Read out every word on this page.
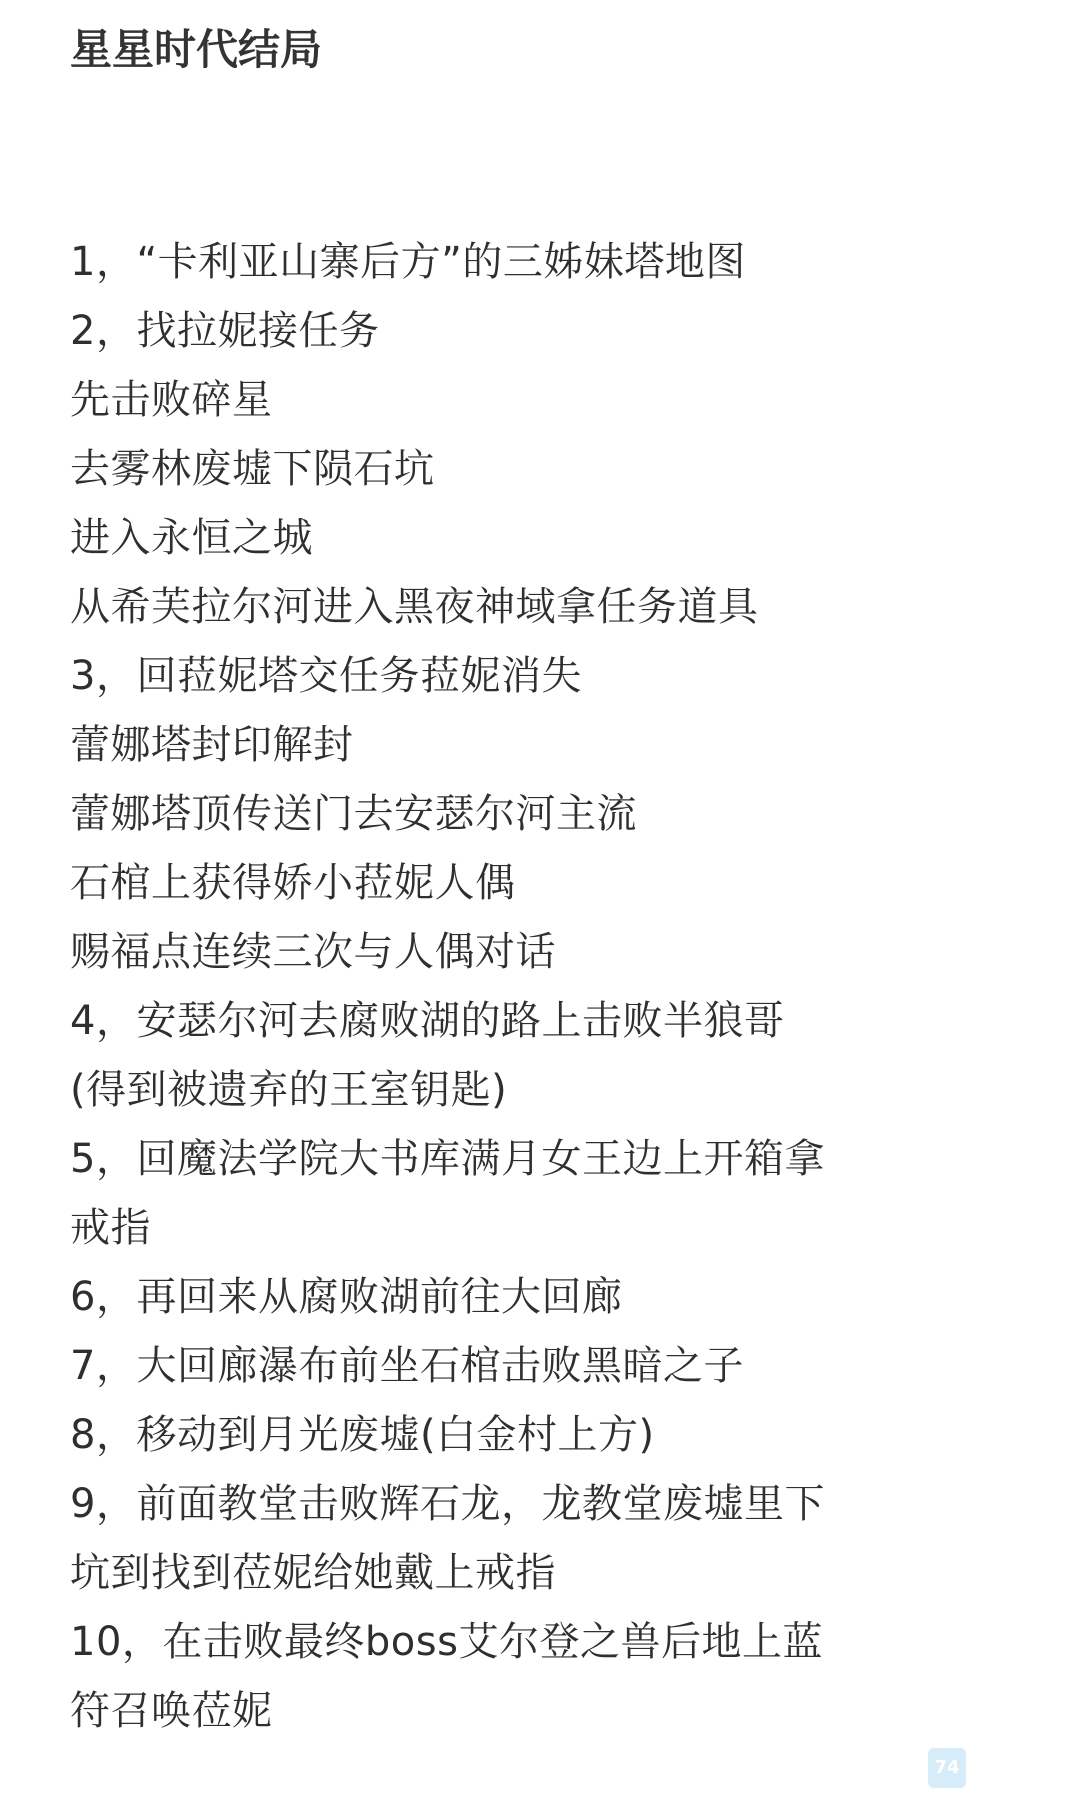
星星时代结局
1，“卡利亚山寨后方”的三姊妹塔地图
2，找拉妮接任务
先击败碎星
去雾林废墟下陨石坑
进入永恒之城
从希芙拉尔河进入黑夜神域拿任务道具
3，回菈妮塔交任务菈妮消失
蕾娜塔封印解封
蕾娜塔顶传送门去安瑟尔河主流
石棺上获得娇小菈妮人偶
赐福点连续三次与人偶对话
4，安瑟尔河去腐败湖的路上击败半狼哥
(得到被遗弃的王室钥匙)
5，回魔法学院大书库满月女王边上开箱拿
戒指
6，再回来从腐败湖前往大回廊
7，大回廊瀑布前坐石棺击败黑暗之子
8，移动到月光废墟(白金村上方)
9，前面教堂击败辉石龙，龙教堂废墟里下
坑到找到莅妮给她戴上戒指
10，在击败最终boss艾尔登之兽后地上蓝
符召唤莅妮
74
